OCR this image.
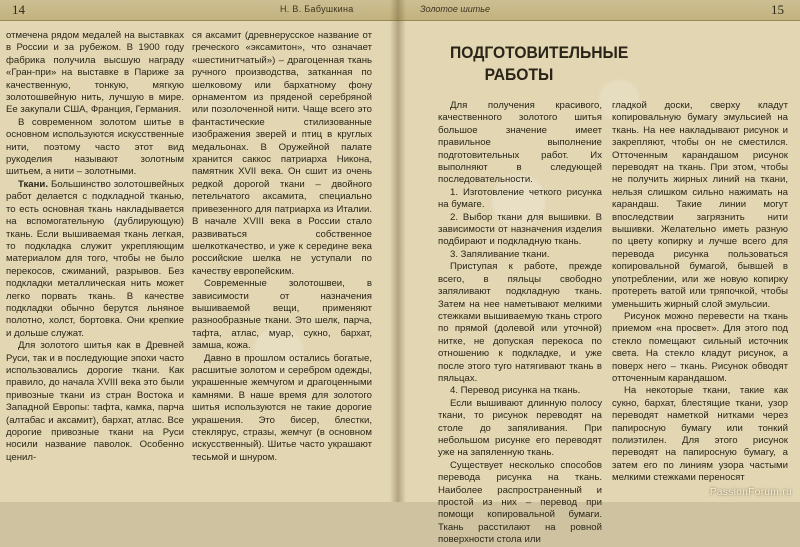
14	Н. В. Бабушкина

отмечена рядом медалей на выставках в России и за рубежом. В 1900 году фабрика получила высшую награду «Гран-при» на выставке в Париже за качественную, тонкую, мягкую золотошвейную нить, лучшую в мире. Ее закупали США, Франция, Германия.

В современном золотом шитье в основном используются искусственные нити, поэтому часто этот вид рукоделия называют золотным шитьем, а нити – золотными.

Ткани. Большинство золотошвейных работ делается с подкладной тканью, то есть основная ткань накладывается на вспомогательную (дублирующую) ткань. Если вышиваемая ткань легкая, то подкладка служит укрепляющим материалом для того, чтобы не было перекосов, сжиманий, разрывов. Без подкладки металлическая нить может легко порвать ткань. В качестве подкладки обычно берутся льняное полотно, холст, бортовка. Они крепкие и дольше служат.

Для золотого шитья как в Древней Руси, так и в последующие эпохи часто использовались дорогие ткани. Как правило, до начала XVIII века это были привозные ткани из стран Востока и Западной Европы: тафта, камка, парча (алтабас и аксамит), бархат, атлас. Все дорогие привозные ткани на Руси носили название паволок. Особенно ценил-

ся аксамит (древнерусское название от греческого «эксамитон», что означает «шестинитчатый») – драгоценная ткань ручного производства, затканная по шелковому или бархатному фону орнаментом из пряденой серебряной или позолоченной нити. Чаще всего это фантастические стилизованные изображения зверей и птиц в круглых медальонах. В Оружейной палате хранится саккос патриарха Никона, памятник XVII века. Он сшит из очень редкой дорогой ткани – двойного петельчатого аксамита, специально привезенного для патриарха из Италии. В начале XVIII века в России стало развиваться собственное шелкоткачество, и уже к середине века российские шелка не уступали по качеству европейским.

Современные золотошвеи, в зависимости от назначения вышиваемой вещи, применяют разнообразные ткани. Это шелк, парча, тафта, атлас, муар, сукно, бархат, замша, кожа.

Давно в прошлом остались богатые, расшитые золотом и серебром одежды, украшенные жемчугом и драгоценными камнями. В наше время для золотого шитья используются не такие дорогие украшения. Это бисер, блестки, стеклярус, стразы, жемчуг (в основном искусственный). Шитье часто украшают тесьмой и шнуром.

Золотое шитье	15
ПОДГОТОВИТЕЛЬНЫЕ
РАБОТЫ

Для получения красивого, качественного золотого шитья большое значение имеет правильное выполнение подготовительных работ. Их выполняют в следующей последовательности.

1. Изготовление четкого рисунка на бумаге.

2. Выбор ткани для вышивки. В зависимости от назначения изделия подбирают и подкладную ткань.

3. Запяливание ткани.

Приступая к работе, прежде всего, в пяльцы свободно запяливают подкладную ткань. Затем на нее наметывают мелкими стежками вышиваемую ткань строго по прямой (долевой или уточной) нитке, не допуская перекоса по отношению к подкладке, и уже после этого туго натягивают ткань в пяльцах.

4. Перевод рисунка на ткань.

Если вышивают длинную полосу ткани, то рисунок переводят на столе до запяливания. При небольшом рисунке его переводят уже на запяленную ткань.

Существует несколько способов перевода рисунка на ткань. Наиболее распространенный и простой из них – перевод при помощи копировальной бумаги. Ткань расстилают на ровной поверхности стола или

гладкой доски, сверху кладут копировальную бумагу эмульсией на ткань. На нее накладывают рисунок и закрепляют, чтобы он не сместился. Отточенным карандашом рисунок переводят на ткань. При этом, чтобы не получить жирных линий на ткани, нельзя слишком сильно нажимать на карандаш. Такие линии могут впоследствии загрязнить нити вышивки. Желательно иметь разную по цвету копирку и лучше всего для перевода рисунка пользоваться копировальной бумагой, бывшей в употреблении, или же новую копирку протереть ватой или тряпочкой, чтобы уменьшить жирный слой эмульсии.

Рисунок можно перевести на ткань приемом «на просвет». Для этого под стекло помещают сильный источник света. На стекло кладут рисунок, а поверх него – ткань. Рисунок обводят отточенным карандашом.

На некоторые ткани, такие как сукно, бархат, блестящие ткани, узор переводят наметкой нитками через папиросную бумагу или тонкий полиэтилен. Для этого рисунок переводят на папиросную бумагу, а затем его по линиям узора частыми мелкими стежками переносят

PassionForum.ru
